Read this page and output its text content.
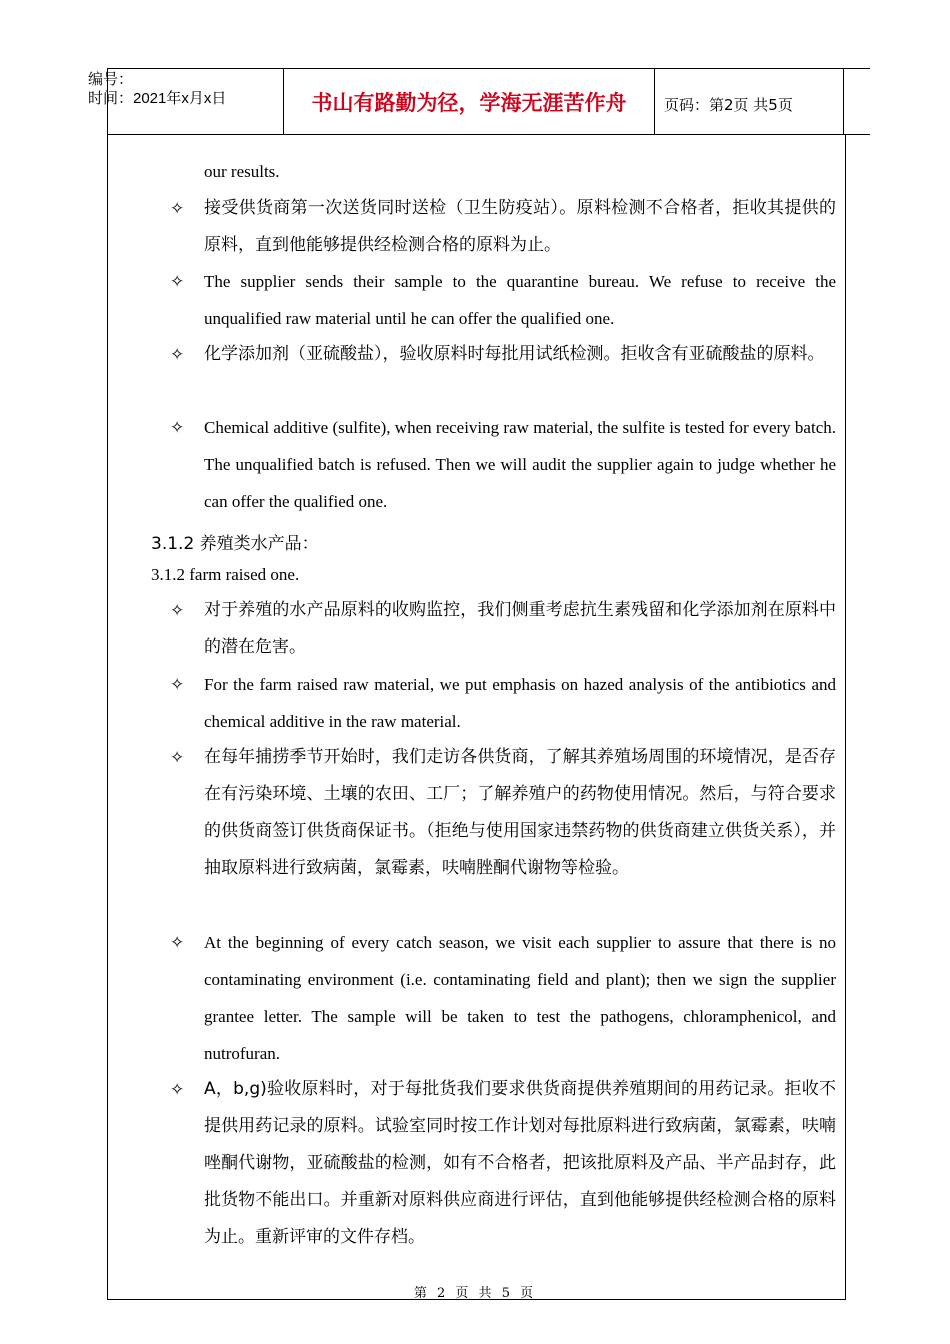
编号：
时间：2021年x月x日	书山有路勤为径，学海无涯苦作舟	页码：第2页 共5页
our results.
✧ 接受供货商第一次送货同时送检（卫生防疫站）。原料检测不合格者，拒收其提供的原料，直到他能够提供经检测合格的原料为止。
✧ The supplier sends their sample to the quarantine bureau. We refuse to receive the unqualified raw material until he can offer the qualified one.
✧ 化学添加剂（亚硫酸盐），验收原料时每批用试纸检测。拒收含有亚硫酸盐的原料。
✧ Chemical additive (sulfite), when receiving raw material, the sulfite is tested for every batch. The unqualified batch is refused. Then we will audit the supplier again to judge whether he can offer the qualified one.
3.1.2 养殖类水产品：
3.1.2 farm raised one.
✧ 对于养殖的水产品原料的收购监控，我们侧重考虑抗生素残留和化学添加剂在原料中的潜在危害。
✧ For the farm raised raw material, we put emphasis on hazed analysis of the antibiotics and chemical additive in the raw material.
✧ 在每年捕捞季节开始时，我们走访各供货商，了解其养殖场周围的环境情况，是否存在有污染环境、土壤的农田、工厂；了解养殖户的药物使用情况。然后，与符合要求的供货商签订供货商保证书。（拒绝与使用国家违禁药物的供货商建立供货关系），并抽取原料进行致病菌，氯霉素，呋喃脞酮代谢物等检验。
✧ At the beginning of every catch season, we visit each supplier to assure that there is no contaminating environment (i.e. contaminating field and plant); then we sign the supplier grantee letter. The sample will be taken to test the pathogens, chloramphenicol, and nutrofuran.
✧ A，b,g)验收原料时，对于每批货我们要求供货商提供养殖期间的用药记录。拒收不提供用药记录的原料。试验室同时按工作计划对每批原料进行致病菌，氯霉素，呋喃唑酮代谢物，亚硫酸盐的检测，如有不合格者，把该批原料及产品、半产品封存，此批货物不能出口。并重新对原料供应商进行评估，直到他能够提供经检测合格的原料为止。重新评审的文件存档。
第 2 页 共 5 页
